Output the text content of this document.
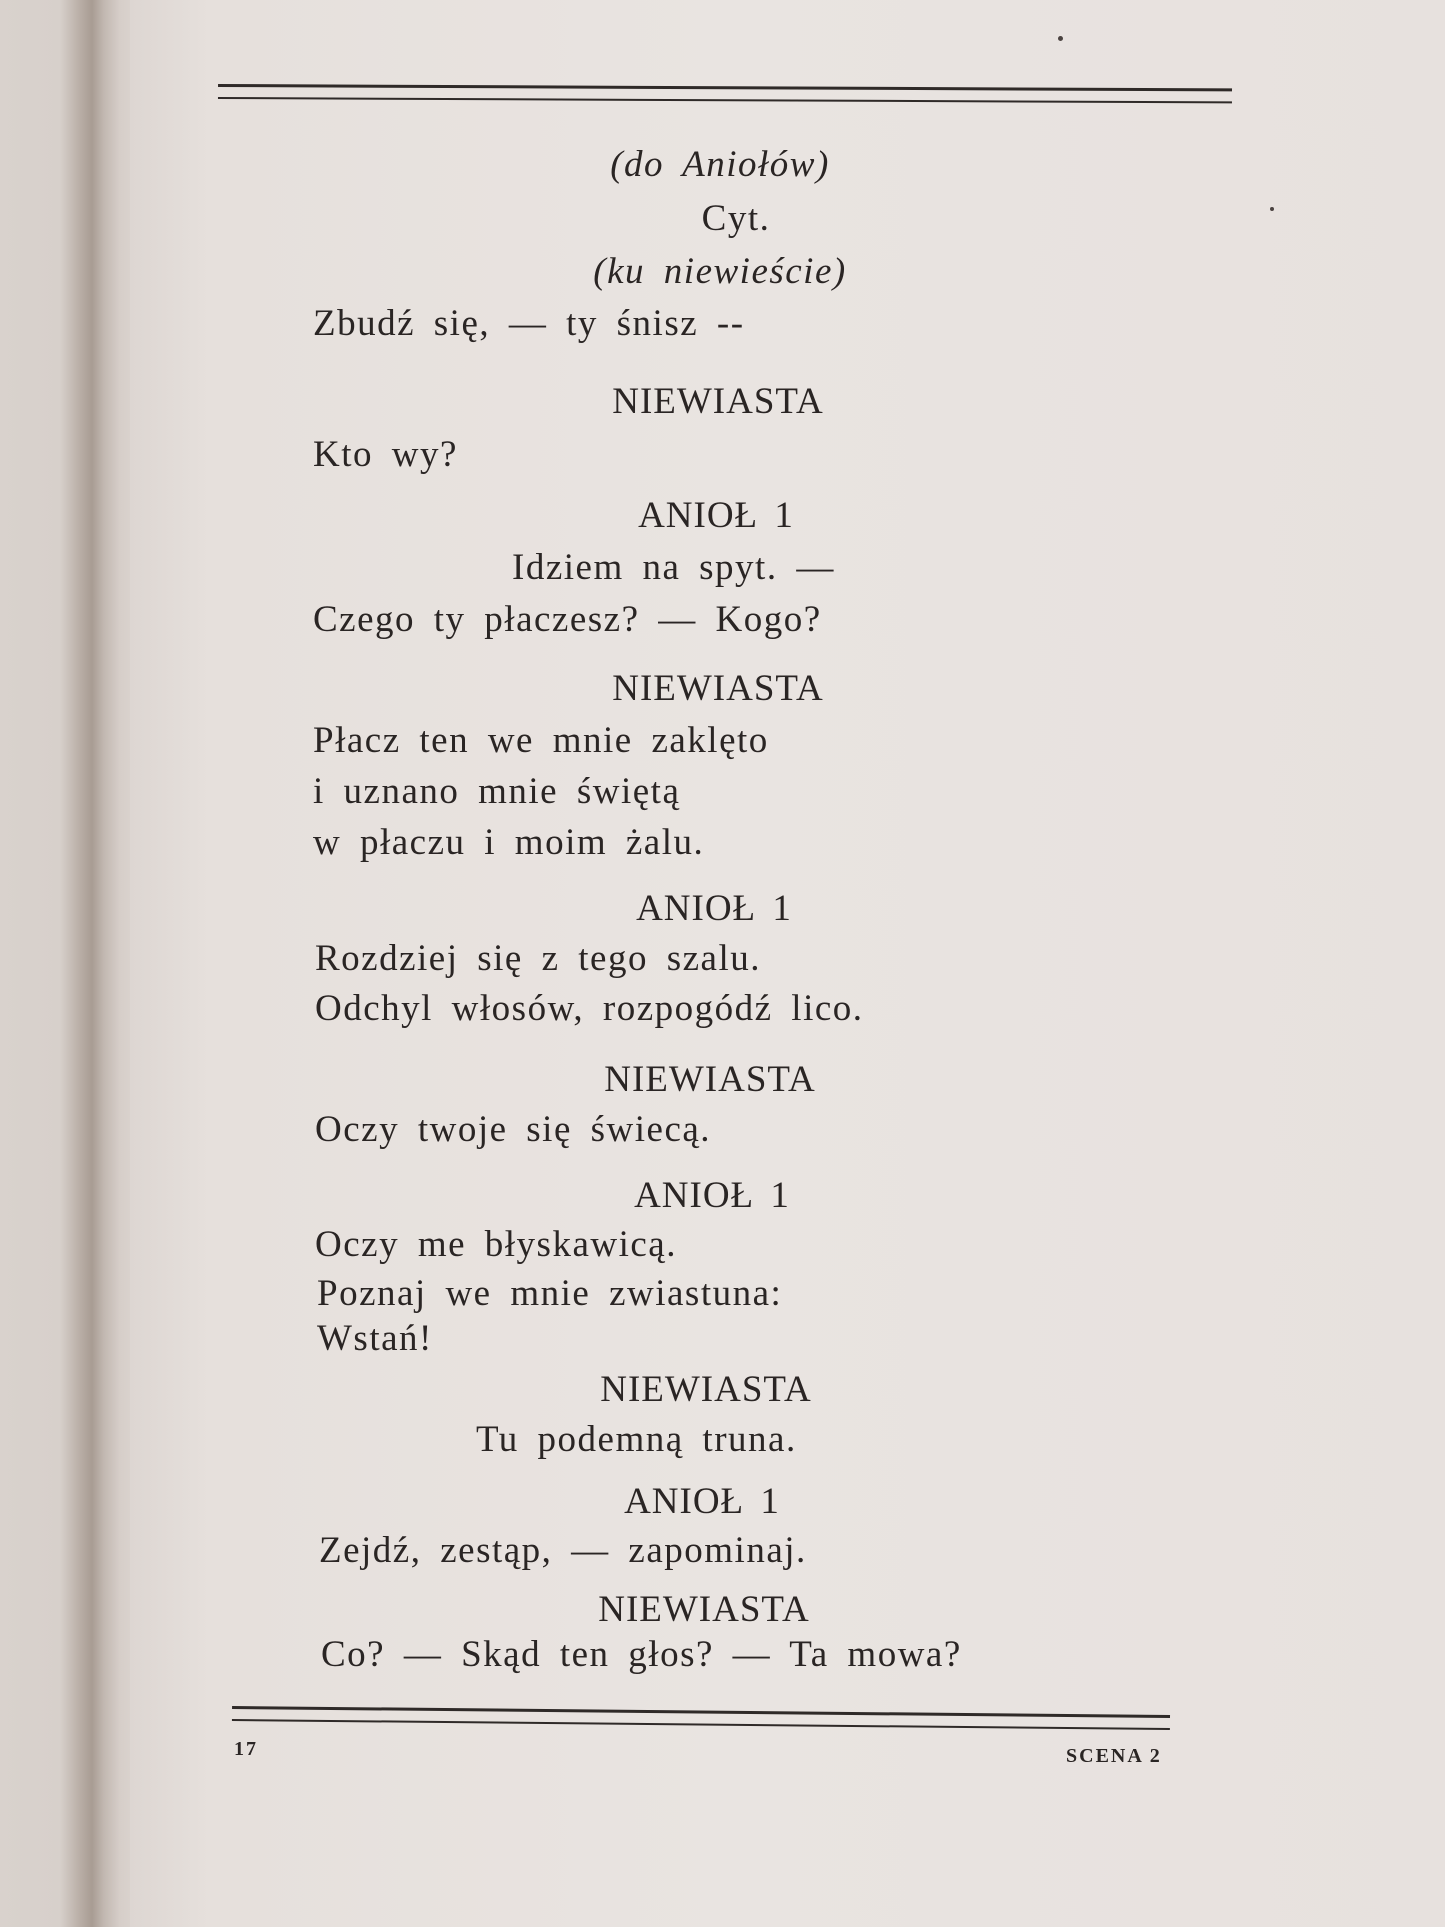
(do Aniołów)
Cyt.
(ku niewieście)
Zbudź się, — ty śnisz --
NIEWIASTA
Kto wy?
ANIOŁ 1
Idziem na spyt. —
Czego ty płaczesz? — Kogo?
NIEWIASTA
Płacz ten we mnie zaklęto
i uznano mnie świętą
w płaczu i moim żalu.
ANIOŁ 1
Rozdziej się z tego szalu.
Odchyl włosów, rozpogódź lico.
NIEWIASTA
Oczy twoje się świecą.
ANIOŁ 1
Oczy me błyskawicą.
Poznaj we mnie zwiastuna:
Wstań!
NIEWIASTA
Tu podemną truna.
ANIOŁ 1
Zejdź, zestąp, — zapominaj.
NIEWIASTA
Co? — Skąd ten głos? — Ta mowa?
17	SCENA 2
